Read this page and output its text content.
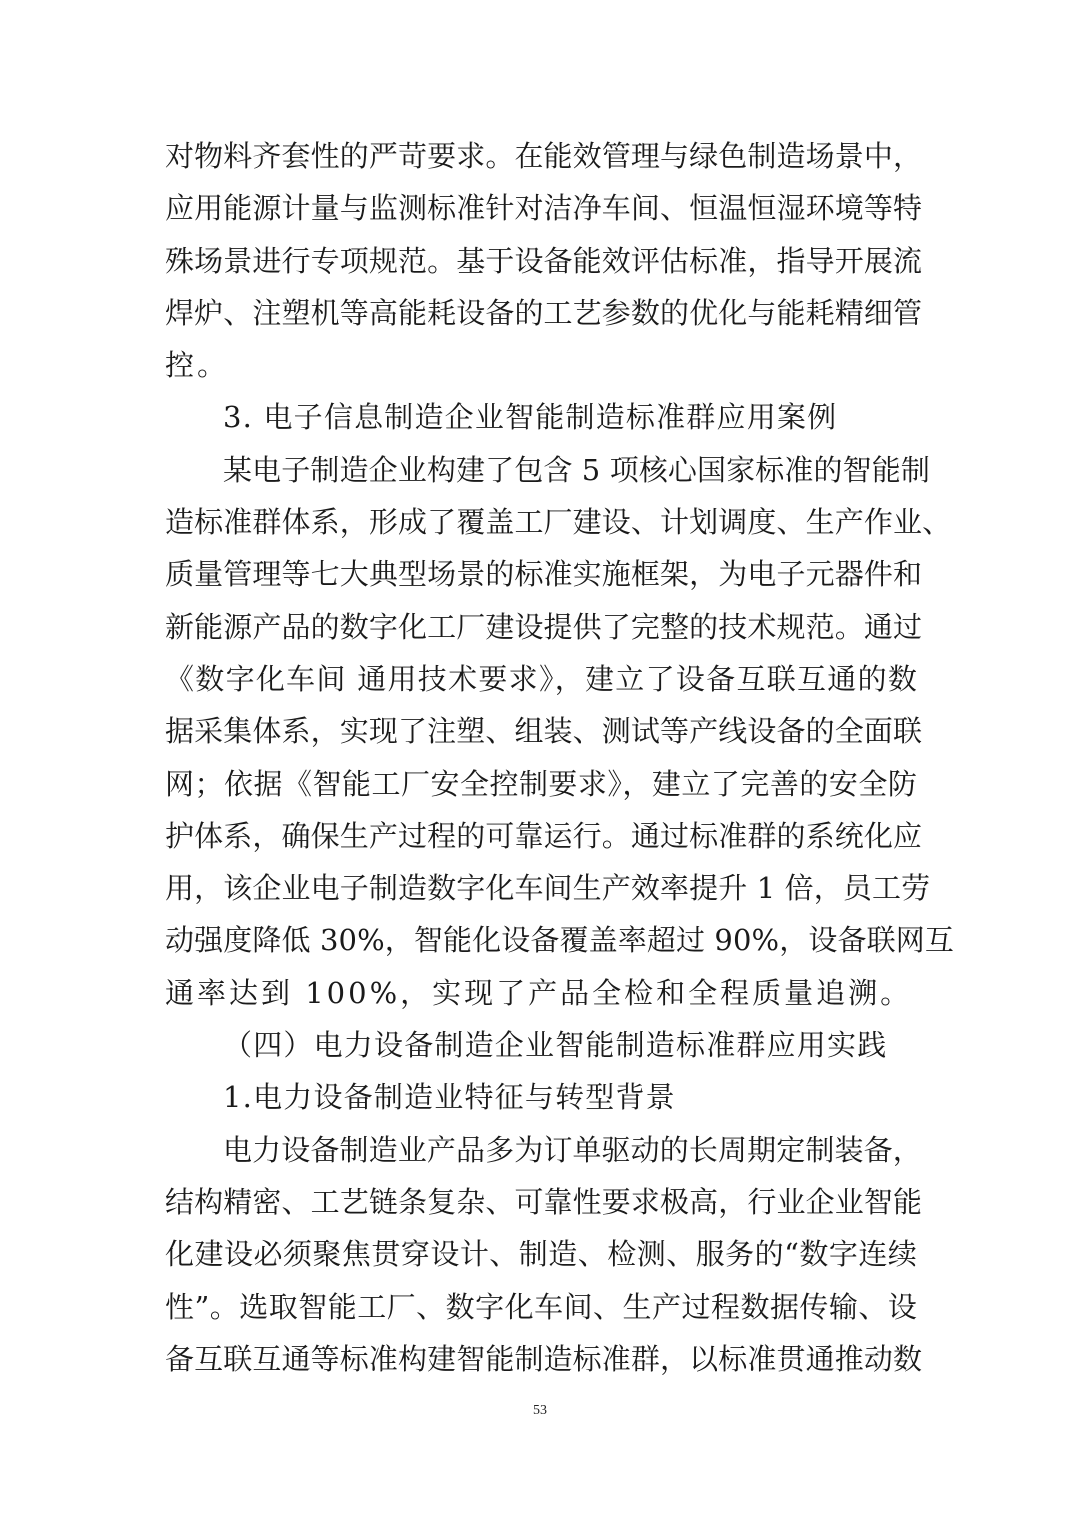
对物料齐套性的严苛要求。在能效管理与绿色制造场景中，
应用能源计量与监测标准针对洁净车间、恒温恒湿环境等特
殊场景进行专项规范。基于设备能效评估标准，指导开展流
焊炉、注塑机等高能耗设备的工艺参数的优化与能耗精细管
控。
3. 电子信息制造企业智能制造标准群应用案例
某电子制造企业构建了包含 5 项核心国家标准的智能制
造标准群体系，形成了覆盖工厂建设、计划调度、生产作业、
质量管理等七大典型场景的标准实施框架，为电子元器件和
新能源产品的数字化工厂建设提供了完整的技术规范。通过
《数字化车间 通用技术要求》，建立了设备互联互通的数
据采集体系，实现了注塑、组装、测试等产线设备的全面联
网；依据《智能工厂安全控制要求》，建立了完善的安全防
护体系，确保生产过程的可靠运行。通过标准群的系统化应
用，该企业电子制造数字化车间生产效率提升 1 倍，员工劳
动强度降低 30%，智能化设备覆盖率超过 90%，设备联网互
通率达到 100%，实现了产品全检和全程质量追溯。
（四）电力设备制造企业智能制造标准群应用实践
1.电力设备制造业特征与转型背景
电力设备制造业产品多为订单驱动的长周期定制装备，
结构精密、工艺链条复杂、可靠性要求极高，行业企业智能
化建设必须聚焦贯穿设计、制造、检测、服务的“数字连续
性”。选取智能工厂、数字化车间、生产过程数据传输、设
备互联互通等标准构建智能制造标准群，以标准贯通推动数
53
